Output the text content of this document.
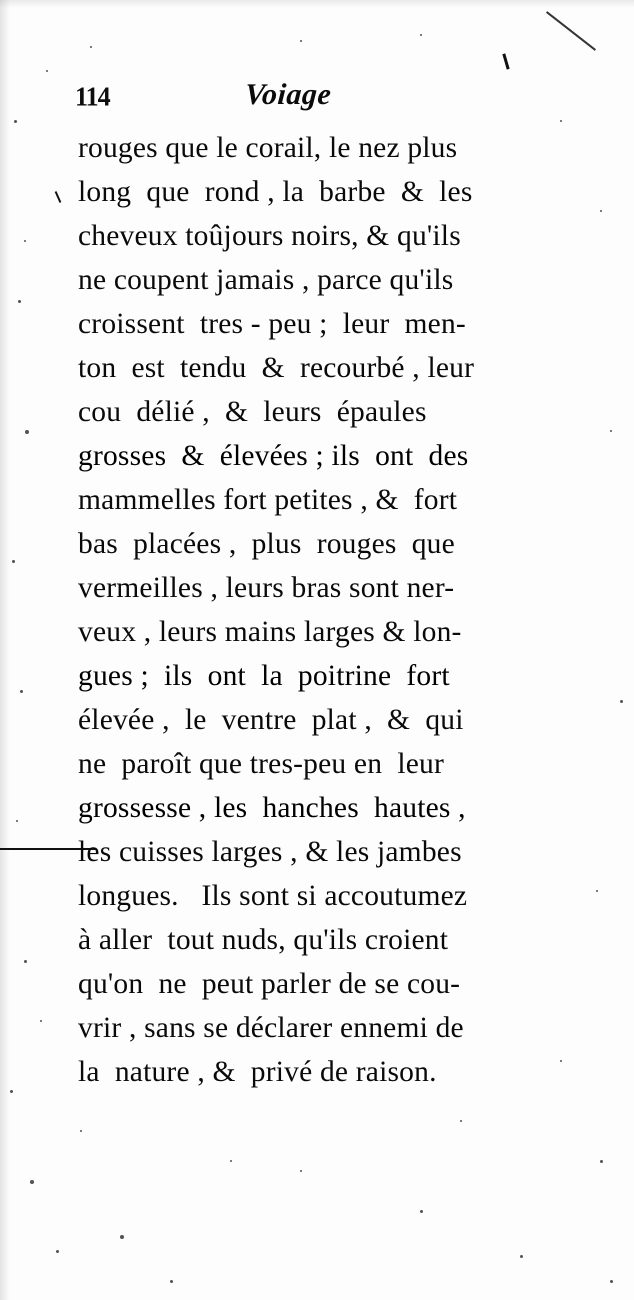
114	Voiage
rouges que le corail, le nez plus
long  que  rond , la  barbe  &  les
cheveux toûjours noirs, & qu'ils
ne coupent jamais , parce qu'ils
croissent  tres - peu ;  leur  men-
ton  est  tendu  &  recourbé , leur
cou  délié ,  &  leurs  épaules
grosses  &  élevées ; ils  ont  des
mammelles fort petites , &  fort
bas  placées ,  plus  rouges  que
vermeilles , leurs bras sont ner-
veux , leurs mains larges & lon-
gues ;  ils  ont  la  poitrine  fort
élevée ,  le  ventre  plat ,  &  qui
ne  paroît que tres-peu en  leur
grossesse , les  hanches  hautes ,
les cuisses larges , & les jambes
longues.   Ils sont si accoutumez
à aller  tout nuds, qu'ils croient
qu'on  ne  peut parler de se cou-
vrir , sans se déclarer ennemi de
la  nature , &  privé de raison.
